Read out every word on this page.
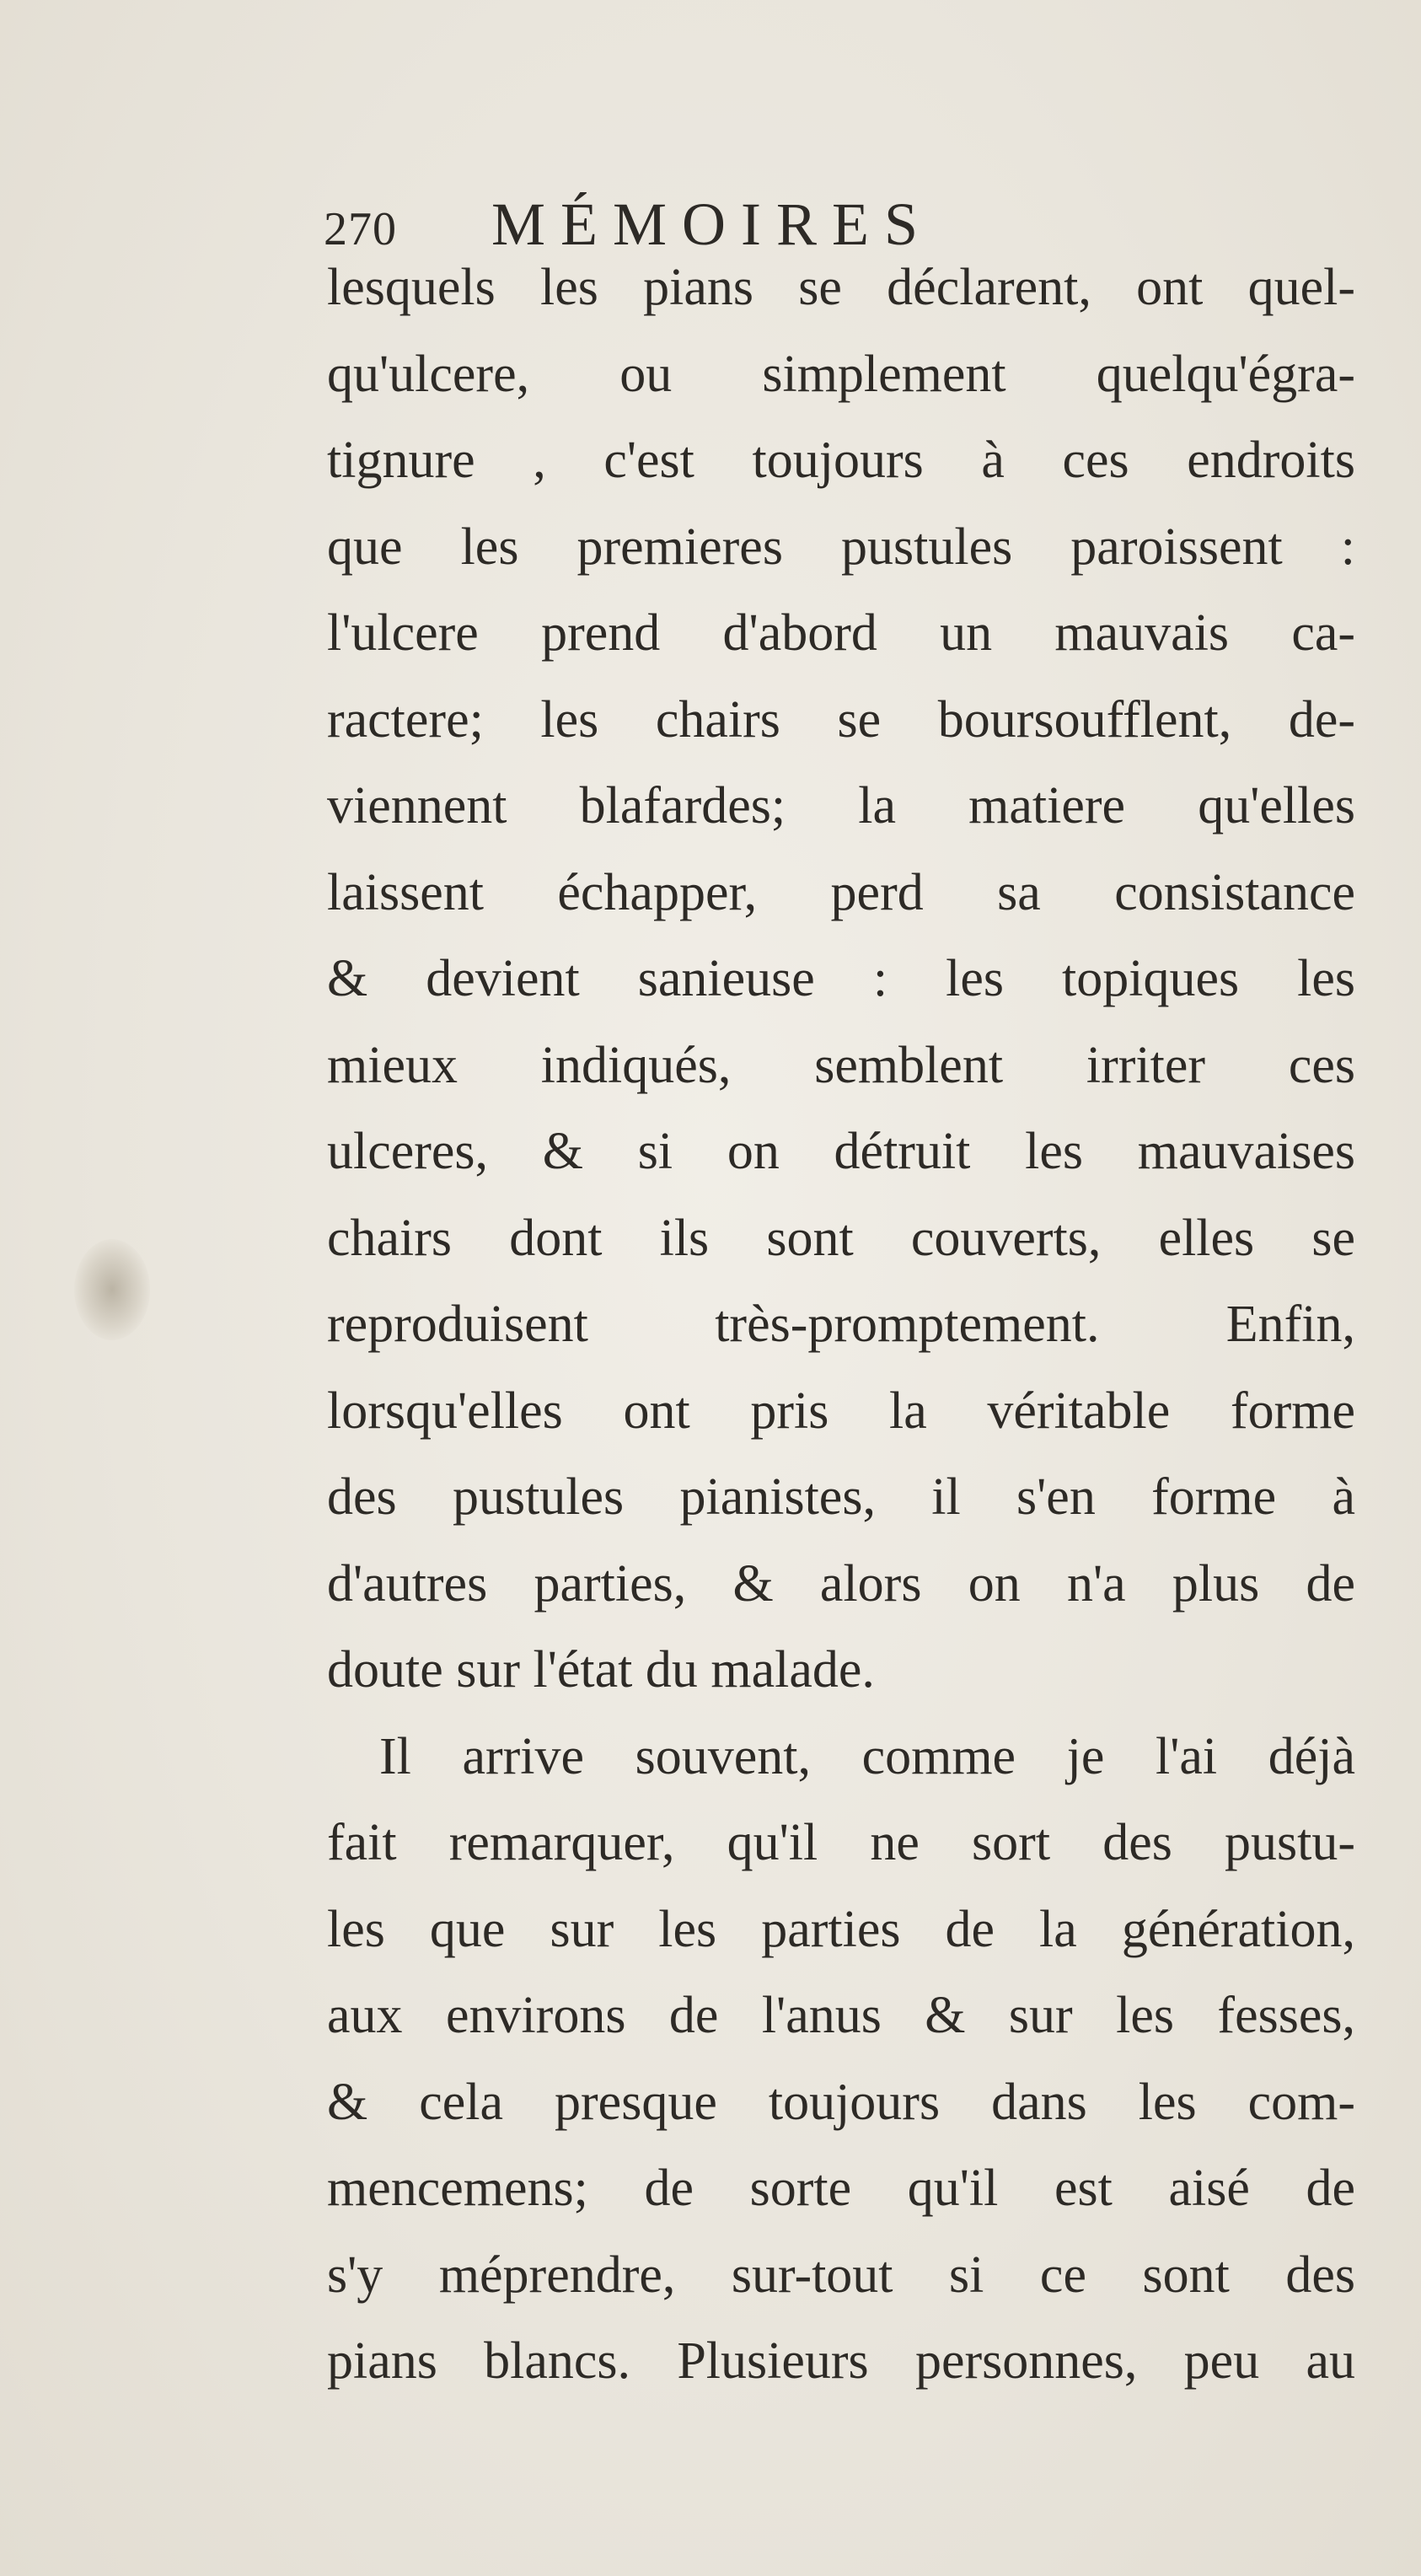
270 MÉMOIRES
lesquels les pians se déclarent, ont quel-
qu'ulcere, ou simplement quelqu'égra-
tignure , c'est toujours à ces endroits
que les premieres pustules paroissent :
l'ulcere prend d'abord un mauvais ca-
ractere; les chairs se boursoufflent, de-
viennent blafardes; la matiere qu'elles
laissent échapper, perd sa consistance
& devient sanieuse : les topiques les
mieux indiqués, semblent irriter ces
ulceres, & si on détruit les mauvaises
chairs dont ils sont couverts, elles se
reproduisent très-promptement. Enfin,
lorsqu'elles ont pris la véritable forme
des pustules pianistes, il s'en forme à
d'autres parties, & alors on n'a plus de
doute sur l'état du malade.
Il arrive souvent, comme je l'ai déjà
fait remarquer, qu'il ne sort des pustu-
les que sur les parties de la génération,
aux environs de l'anus & sur les fesses,
& cela presque toujours dans les com-
mencemens; de sorte qu'il est aisé de
s'y méprendre, sur-tout si ce sont des
pians blancs. Plusieurs personnes, peu au
